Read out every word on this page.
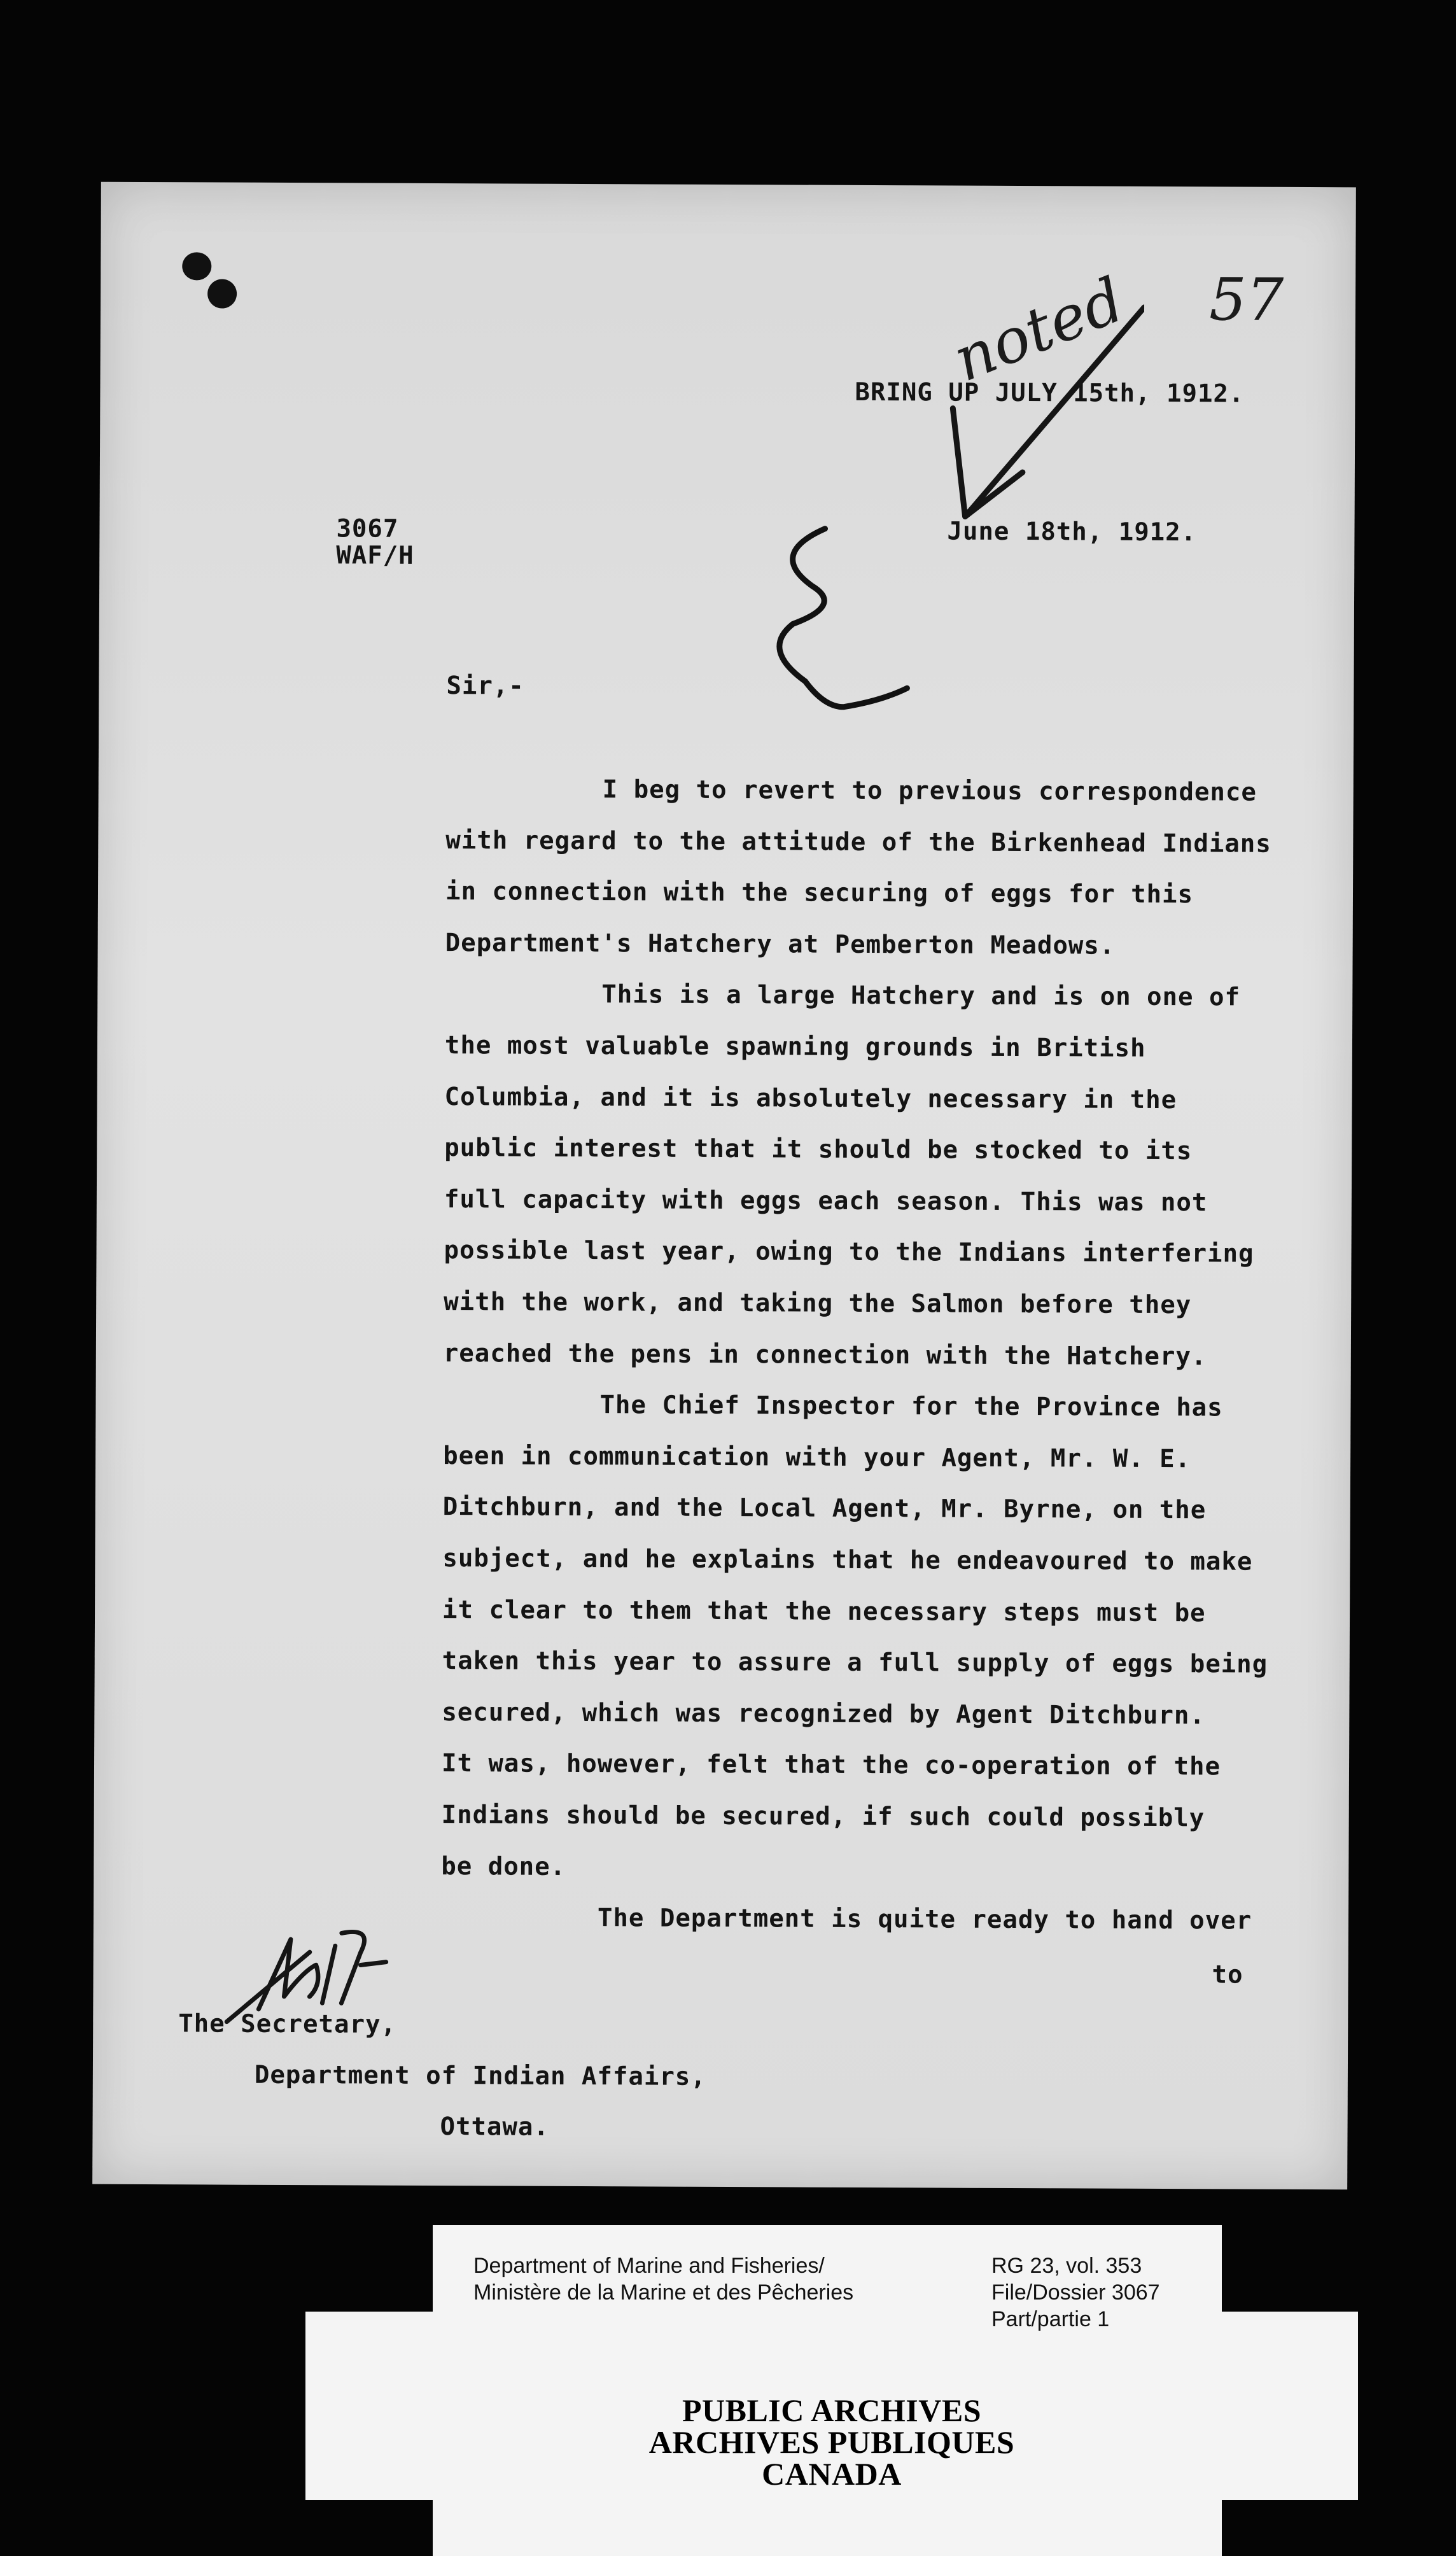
BRING UP JULY 15th, 1912.
3067
WAF/H
June 18th, 1912.
Sir,-
I beg to revert to previous correspondence
with regard to the attitude of the Birkenhead Indians
in connection with the securing of eggs for this
Department's Hatchery at Pemberton Meadows.
This is a large Hatchery and is on one of
the most valuable spawning grounds in British
Columbia, and it is absolutely necessary in the
public interest that it should be stocked to its
full capacity with eggs each season. This was not
possible last year, owing to the Indians interfering
with the work, and taking the Salmon before they
reached the pens in connection with the Hatchery.
The Chief Inspector for the Province has
been in communication with your Agent, Mr. W. E.
Ditchburn, and the Local Agent, Mr. Byrne, on the
subject, and he explains that he endeavoured to make
it clear to them that the necessary steps must be
taken this year to assure a full supply of eggs being
secured, which was recognized by Agent Ditchburn.
It was, however, felt that the co-operation of the
Indians should be secured, if such could possibly
be done.
The Department is quite ready to hand over
to
The Secretary,
Department of Indian Affairs,
Ottawa.
noted 57
PUBLIC ARCHIVES
ARCHIVES PUBLIQUES
CANADA
Department of Marine and Fisheries/
Ministère de la Marine et des Pêcheries
RG 23, vol. 353
File/Dossier 3067
Part/partie 1
